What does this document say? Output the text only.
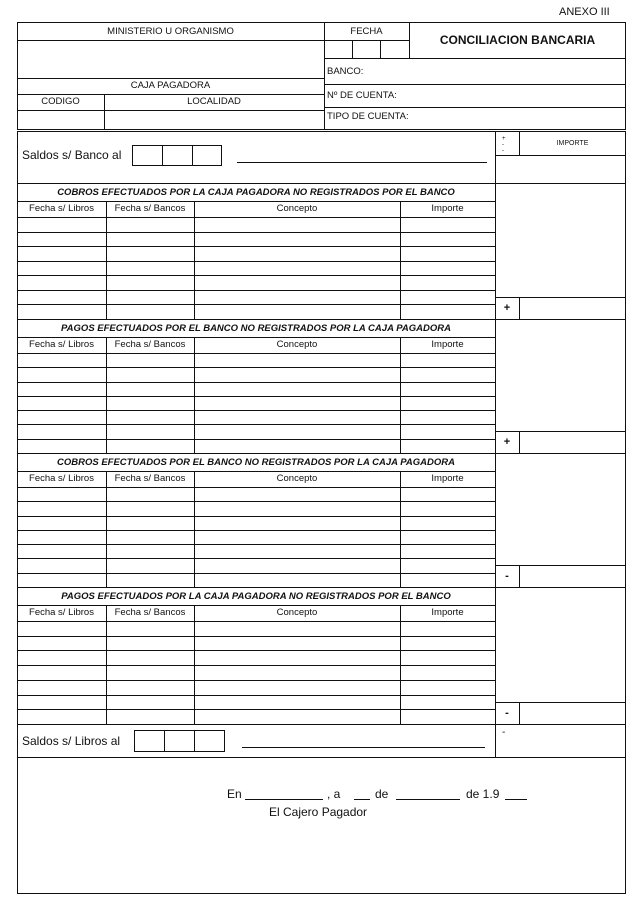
ANEXO III
MINISTERIO U ORGANISMO	FECHA
CONCILIACION BANCARIA
CAJA PAGADORA
CODIGO	LOCALIDAD
BANCO:
Nº DE CUENTA:
TIPO DE CUENTA:
+
-
-
IMPORTE
Saldos s/ Banco al
COBROS EFECTUADOS POR LA CAJA PAGADORA NO REGISTRADOS POR EL BANCO
Fecha s/ Libros	Fecha s/ Bancos	Concepto	Importe
+
PAGOS EFECTUADOS POR EL BANCO NO REGISTRADOS POR LA CAJA PAGADORA
Fecha s/ Libros	Fecha s/ Bancos	Concepto	Importe
+
COBROS EFECTUADOS POR EL BANCO NO REGISTRADOS POR LA CAJA PAGADORA
Fecha s/ Libros	Fecha s/ Bancos	Concepto	Importe
-
PAGOS EFECTUADOS POR LA CAJA PAGADORA NO REGISTRADOS POR EL BANCO
Fecha s/ Libros	Fecha s/ Bancos	Concepto	Importe
-
Saldos s/ Libros al
-
En	, a	de	de 1.9
El Cajero Pagador
